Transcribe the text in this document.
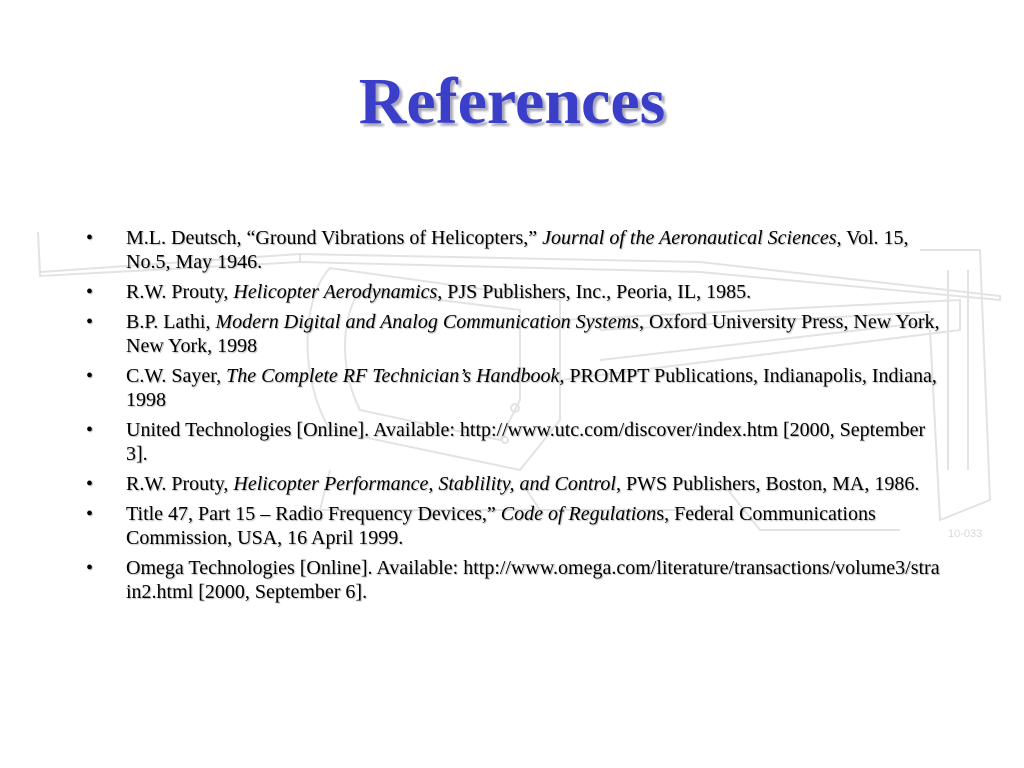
10-033
References
• M.L. Deutsch, “Ground Vibrations of Helicopters,” Journal of the Aeronautical Sciences, Vol. 15, No.5, May 1946.
• R.W. Prouty, Helicopter Aerodynamics, PJS Publishers, Inc., Peoria, IL, 1985.
• B.P. Lathi, Modern Digital and Analog Communication Systems, Oxford University Press, New York, New York, 1998
• C.W. Sayer, The Complete RF Technician’s Handbook, PROMPT Publications, Indianapolis, Indiana, 1998
• United Technologies [Online]. Available: http://www.utc.com/discover/index.htm [2000, September 3].
• R.W. Prouty, Helicopter Performance, Stablility, and Control, PWS Publishers, Boston, MA, 1986.
• Title 47, Part 15 – Radio Frequency Devices,” Code of Regulations, Federal Communications Commission, USA, 16 April 1999.
• Omega Technologies [Online]. Available: http://www.omega.com/literature/transactions/volume3/strain2.html [2000, September 6].
